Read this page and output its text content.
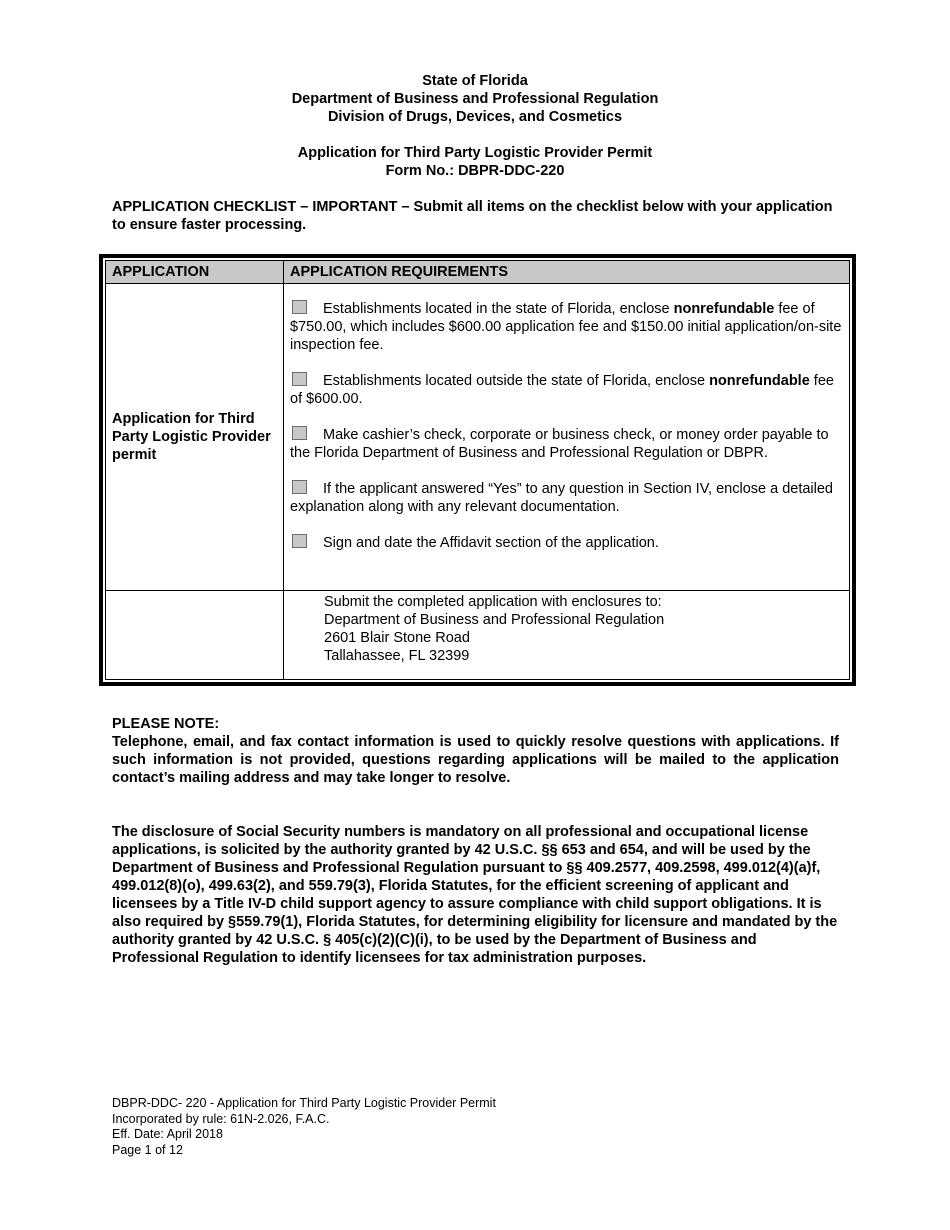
State of Florida
Department of Business and Professional Regulation
Division of Drugs, Devices, and Cosmetics
Application for Third Party Logistic Provider Permit
Form No.: DBPR-DDC-220
APPLICATION CHECKLIST – IMPORTANT – Submit all items on the checklist below with your application to ensure faster processing.
APPLICATION	APPLICATION REQUIREMENTS
Application for Third Party Logistic Provider permit	Establishments located in the state of Florida, enclose nonrefundable fee of $750.00, which includes $600.00 application fee and $150.00 initial application/on-site inspection fee.
Establishments located outside the state of Florida, enclose nonrefundable fee of $600.00.
Make cashier’s check, corporate or business check, or money order payable to the Florida Department of Business and Professional Regulation or DBPR.
If the applicant answered “Yes” to any question in Section IV, enclose a detailed explanation along with any relevant documentation.
Sign and date the Affidavit section of the application.

	Submit the completed application with enclosures to:
Department of Business and Professional Regulation
2601 Blair Stone Road
Tallahassee, FL 32399
PLEASE NOTE:
Telephone, email, and fax contact information is used to quickly resolve questions with applications. If such information is not provided, questions regarding applications will be mailed to the application contact’s mailing address and may take longer to resolve.
The disclosure of Social Security numbers is mandatory on all professional and occupational license applications, is solicited by the authority granted by 42 U.S.C. §§ 653 and 654, and will be used by the Department of Business and Professional Regulation pursuant to §§ 409.2577, 409.2598, 499.012(4)(a)f, 499.012(8)(o), 499.63(2), and 559.79(3), Florida Statutes, for the efficient screening of applicant and licensees by a Title IV-D child support agency to assure compliance with child support obligations. It is also required by §559.79(1), Florida Statutes, for determining eligibility for licensure and mandated by the authority granted by 42 U.S.C. § 405(c)(2)(C)(i), to be used by the Department of Business and Professional Regulation to identify licensees for tax administration purposes.
DBPR-DDC- 220 - Application for Third Party Logistic Provider Permit
Incorporated by rule: 61N-2.026, F.A.C.
Eff. Date: April 2018
Page 1 of 12
